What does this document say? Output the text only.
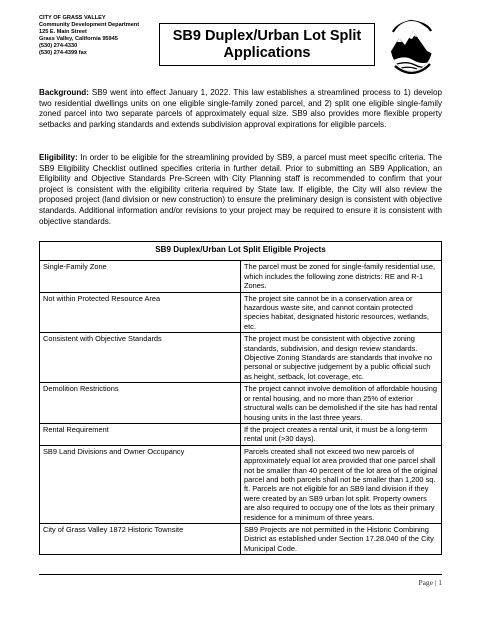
CITY OF GRASS VALLEY
Community Development Department
125 E. Main Street
Grass Valley, California 95945
(530) 274-4330
(530) 274-4399 fax
SB9 Duplex/Urban Lot Split
Applications

Background: SB9 went into effect January 1, 2022. This law establishes a streamlined process to 1) develop two residential dwellings units on one eligible single-family zoned parcel, and 2) split one eligible single-family zoned parcel into two separate parcels of approximately equal size. SB9 also provides more flexible property setbacks and parking standards and extends subdivision approval expirations for eligible parcels.

Eligibility: In order to be eligible for the streamlining provided by SB9, a parcel must meet specific criteria. The SB9 Eligibility Checklist outlined specifies criteria in further detail. Prior to submitting an SB9 Application, an Eligibility and Objective Standards Pre-Screen with City Planning staff is recommended to confirm that your project is consistent with the eligibility criteria required by State law. If eligible, the City will also review the proposed project (land division or new construction) to ensure the preliminary design is consistent with objective standards. Additional information and/or revisions to your project may be required to ensure it is consistent with objective standards.

SB9 Duplex/Urban Lot Split Eligible Projects	
Single-Family Zone	The parcel must be zoned for single-family residential use, which includes the following zone districts: RE and R-1 Zones.
Not within Protected Resource Area	The project site cannot be in a conservation area or hazardous waste site, and cannot contain protected species habitat, designated historic resources, wetlands, etc.
Consistent with Objective Standards	The project must be consistent with objective zoning standards, subdivision, and design review standards. Objective Zoning Standards are standards that involve no personal or subjective judgement by a public official such as height, setback, lot coverage, etc.
Demolition Restrictions	The project cannot involve demolition of affordable housing or rental housing, and no more than 25% of exterior structural walls can be demolished if the site has had rental housing units in the last three years.
Rental Requirement	If the project creates a rental unit, it must be a long-term rental unit (>30 days).
SB9 Land Divisions and Owner Occupancy	Parcels created shall not exceed two new parcels of approximately equal lot area provided that one parcel shall not be smaller than 40 percent of the lot area of the original parcel and both parcels shall not be smaller than 1,200 sq. ft. Parcels are not eligible for an SB9 land division if they were created by an SB9 urban lot split. Property owners are also required to occupy one of the lots as their primary residence for a minimum of three years.
City of Grass Valley 1872 Historic Townsite	SB9 Projects are not permitted in the Historic Combining District as established under Section 17.28.040 of the City Municipal Code.
Page | 1
